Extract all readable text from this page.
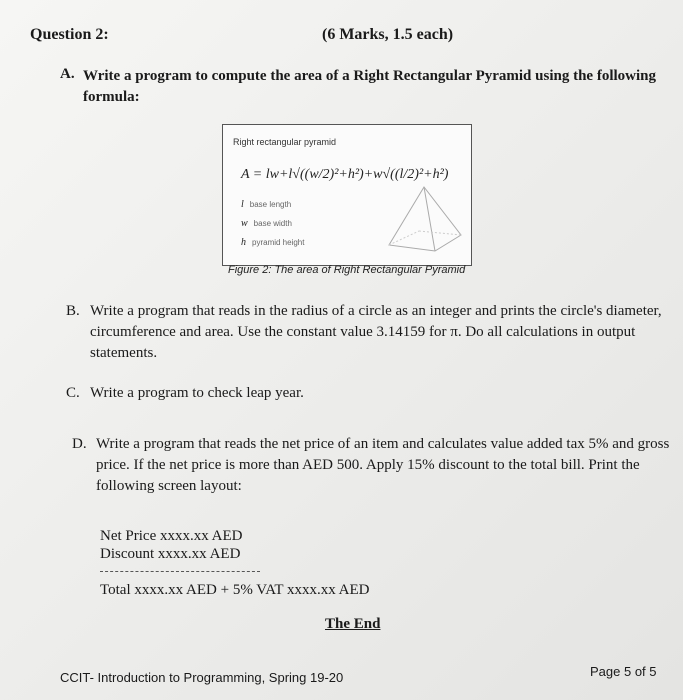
Question 2:	(6 Marks, 1.5 each)
A. Write a program to compute the area of a Right Rectangular Pyramid using the following formula:
Right rectangular pyramid
A = lw+l√((w/2)²+h²)+w√((l/2)²+h²)
l base length
w base width
h pyramid height
Figure 2: The area of Right Rectangular Pyramid
B. Write a program that reads in the radius of a circle as an integer and prints the circle's diameter, circumference and area. Use the constant value 3.14159 for π. Do all calculations in output statements.
C. Write a program to check leap year.
D. Write a program that reads the net price of an item and calculates value added tax 5% and gross price. If the net price is more than AED 500. Apply 15% discount to the total bill. Print the following screen layout:
Net Price xxxx.xx AED
Discount xxxx.xx AED
Total xxxx.xx AED + 5% VAT xxxx.xx AED
The End
CCIT- Introduction to Programming, Spring 19-20	Page 5 of 5
